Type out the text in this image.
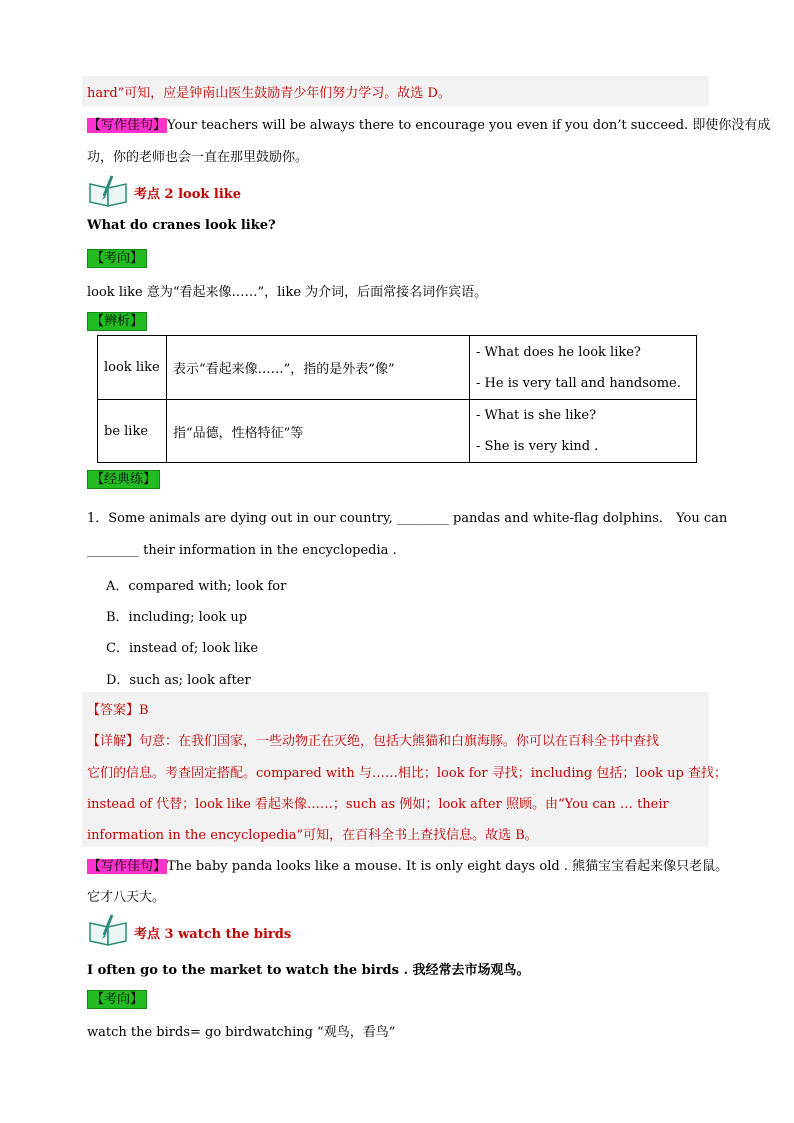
hard”可知，应是钟南山医生鼓励青少年们努力学习。故选 D。
【写作佳句】Your teachers will be always there to encourage you even if you don’t succeed. 即使你没有成
功，你的老师也会一直在那里鼓励你。
考点 2 look like
What do cranes look like?
【考向】
look like 意为“看起来像……”，like 为介词，后面常接名词作宾语。
【辨析】
look like	表示“看起来像……”，指的是外表“像”	- What does he look like?
- He is very tall and handsome.

be like	指“品德，性格特征”等	- What is she like?
- She is very kind .
【经典练】
1．Some animals are dying out in our country, ________ pandas and white-flag dolphins． You can
________ their information in the encyclopedia .
A．compared with; look for
B．including; look up
C．instead of; look like
D．such as; look after
【答案】B
【详解】句意：在我们国家，一些动物正在灭绝，包括大熊猫和白旗海豚。你可以在百科全书中查找
它们的信息。考查固定搭配。compared with 与……相比；look for 寻找；including 包括；look up 查找；
instead of 代替；look like 看起来像……；such as 例如；look after 照顾。由“You can … their
information in the encyclopedia”可知，在百科全书上查找信息。故选 B。
【写作佳句】The baby panda looks like a mouse. It is only eight days old . 熊猫宝宝看起来像只老鼠。
它才八天大。
考点 3 watch the birds
I often go to the market to watch the birds . 我经常去市场观鸟。
【考向】
watch the birds= go birdwatching “观鸟，看鸟”
